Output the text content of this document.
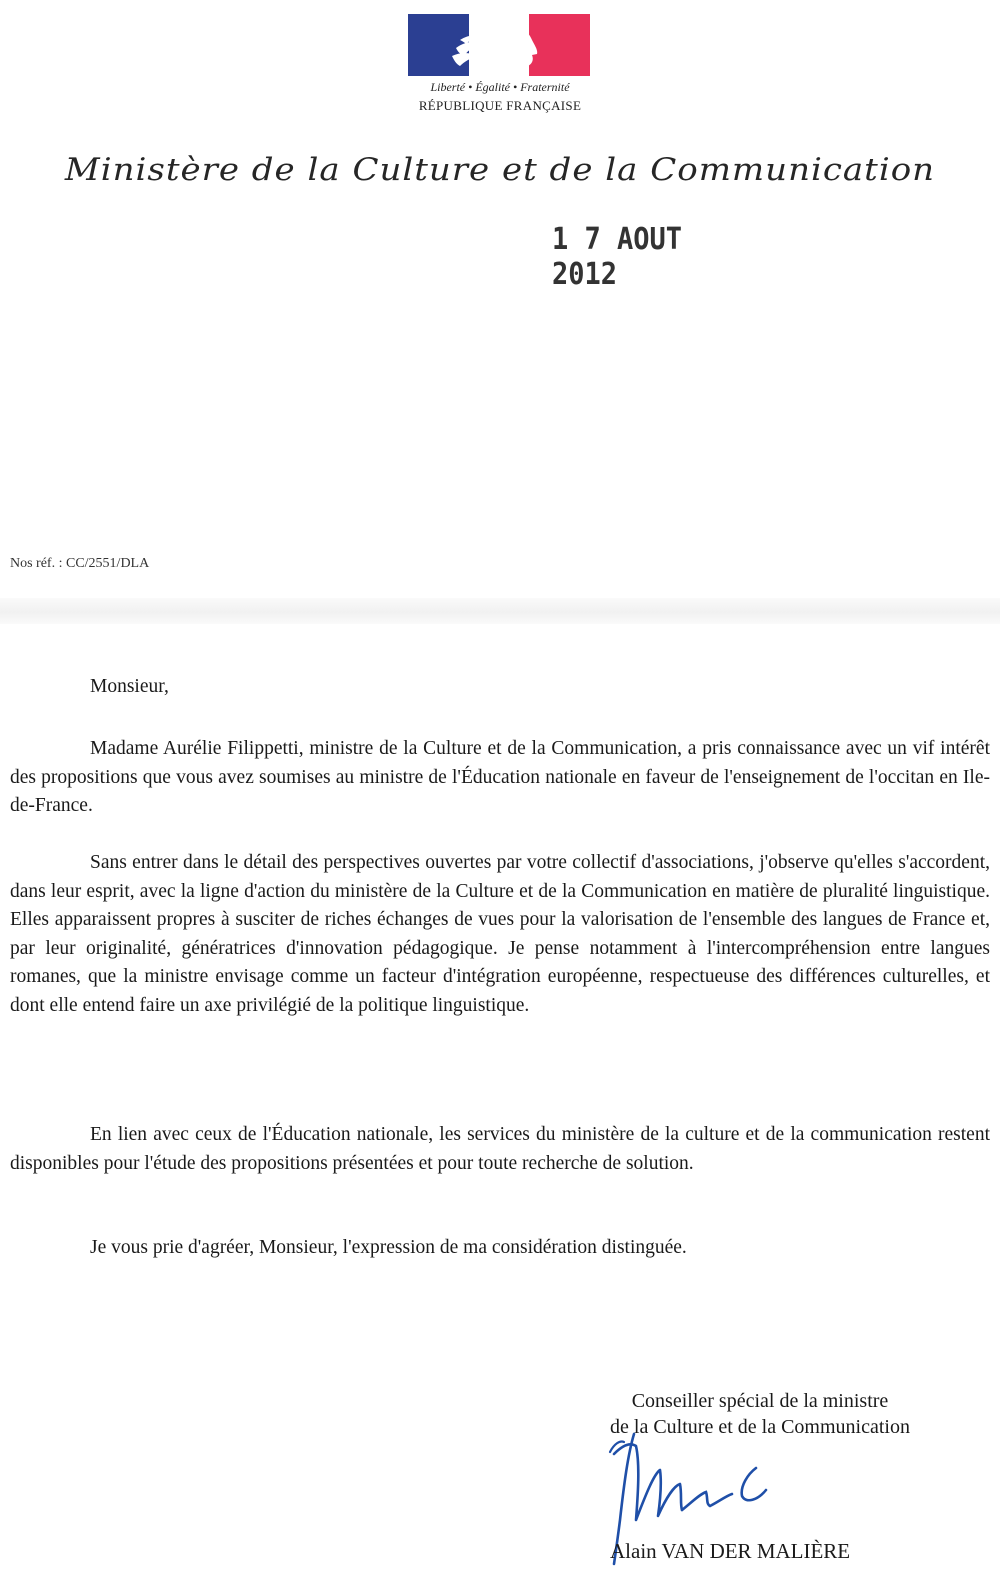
Liberté • Égalité • Fraternité
RÉPUBLIQUE FRANÇAISE
Ministère de la Culture et de la Communication
1 7 AOUT 2012
Nos réf. : CC/2551/DLA
Monsieur,
Madame Aurélie Filippetti, ministre de la Culture et de la Communication, a pris connaissance avec un vif intérêt des propositions que vous avez soumises au ministre de l'Éducation nationale en faveur de l'enseignement de l'occitan en Ile-de-France.
Sans entrer dans le détail des perspectives ouvertes par votre collectif d'associations, j'observe qu'elles s'accordent, dans leur esprit, avec la ligne d'action du ministère de la Culture et de la Communication en matière de pluralité linguistique. Elles apparaissent propres à susciter de riches échanges de vues pour la valorisation de l'ensemble des langues de France et, par leur originalité, génératrices d'innovation pédagogique. Je pense notamment à l'intercompréhension entre langues romanes, que la ministre envisage comme un facteur d'intégration européenne, respectueuse des différences culturelles, et dont elle entend faire un axe privilégié de la politique linguistique.
En lien avec ceux de l'Éducation nationale, les services du ministère de la culture et de la communication restent disponibles pour l'étude des propositions présentées et pour toute recherche de solution.
Je vous prie d'agréer, Monsieur, l'expression de ma considération distinguée.
Conseiller spécial de la ministre
de la Culture et de la Communication
Alain VAN DER MALIÈRE
